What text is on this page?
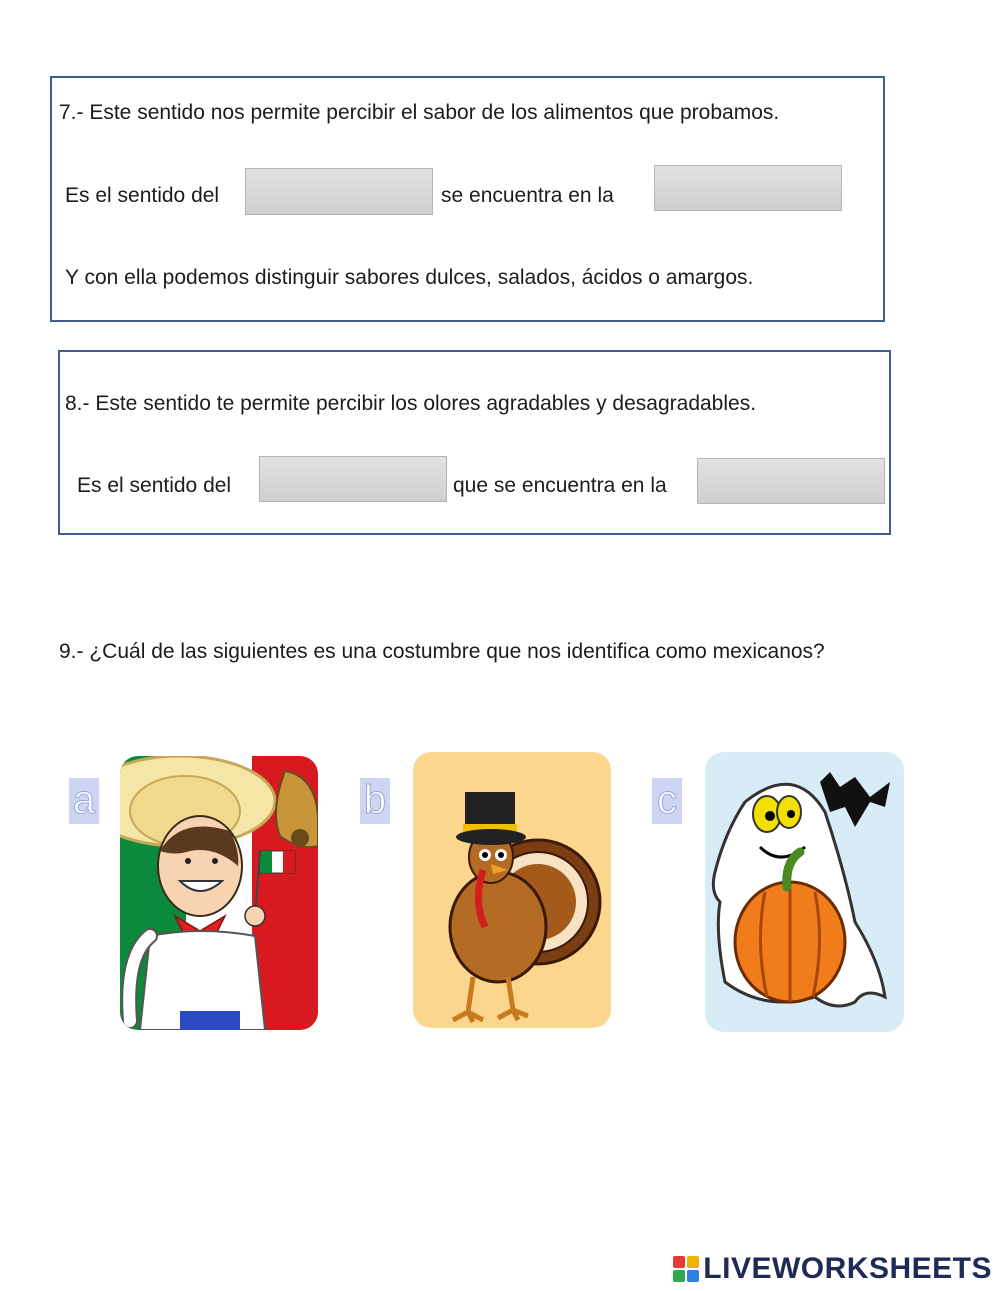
7.- Este sentido nos permite percibir el sabor de los alimentos que probamos.
Es el sentido del	se encuentra en la
Y con ella podemos distinguir sabores dulces, salados, ácidos o amargos.
8.- Este sentido te permite percibir los olores agradables y desagradables.
Es el sentido del	que se encuentra en la
9.- ¿Cuál de las siguientes es una costumbre que nos identifica como mexicanos?
a	b	c
LIVEWORKSHEETS
